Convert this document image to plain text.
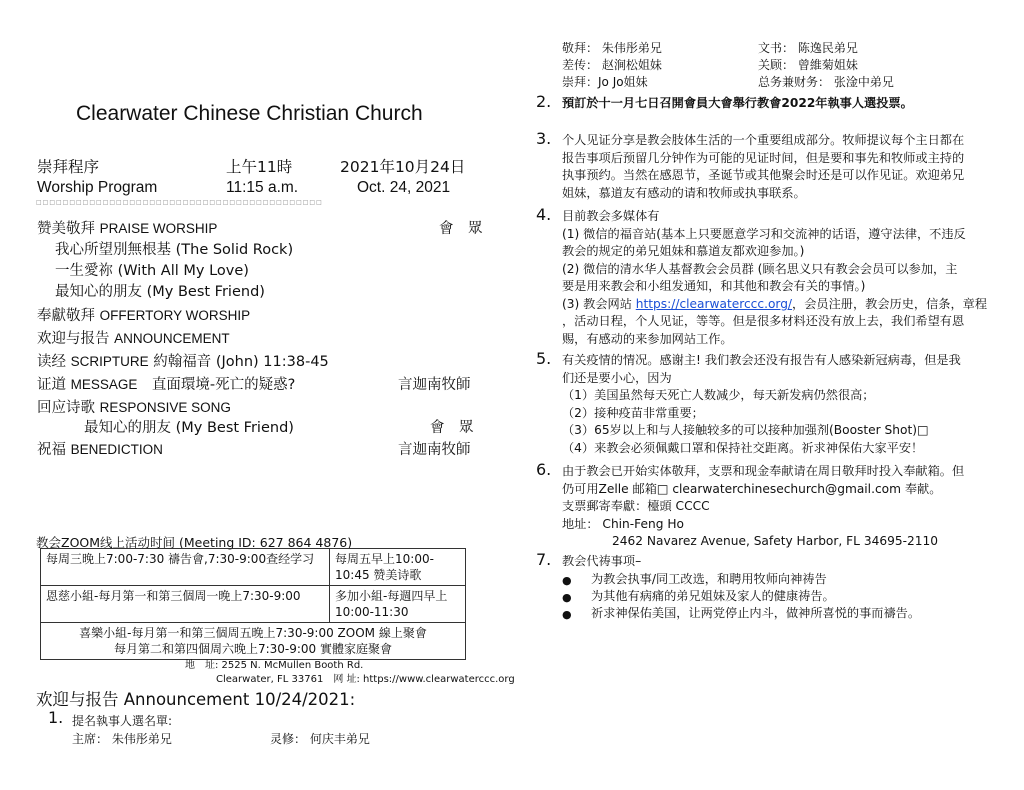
Clearwater Chinese Christian Church
崇拜程序	上午11時	2021年10月24日
Worship Program	11:15 a.m.	Oct. 24, 2021
□□□□□□□□□□□□□□□□□□□□□□□□□□□□□□□□□□□□□□□□□□□
赞美敬拜 PRAISE WORSHIP	會　眾
我心所望別無根基 (The Solid Rock)
一生愛祢 (With All My Love)
最知心的朋友 (My Best Friend)
奉獻敬拜 OFFERTORY WORSHIP
欢迎与报告 ANNOUNCEMENT
读经 SCRIPTURE 約翰福音 (John) 11:38-45
证道 MESSAGE　 直面環境-死亡的疑惑?	言迦南牧師
回应诗歌 RESPONSIVE SONG
最知心的朋友 (My Best Friend)	會　眾
祝福 BENEDICTION	言迦南牧師
教会ZOOM线上活动时间 (Meeting ID: 627 864 4876)
每周三晚上7:00-7:30 禱告會,7:30-9:00查经学习	每周五早上10:00-10:45 赞美诗歌
恩慈小組-每月第一和第三個周一晚上7:30-9:00	多加小組-每週四早上10:00-11:30

喜樂小組-每月第一和第三個周五晚上7:30-9:00 ZOOM 線上聚會
每月第二和第四個周六晚上7:30-9:00 實體家庭聚會	
地　址: 2525 N. McMullen Booth Rd.
Clearwater, FL 33761　网 址: https://www.clearwaterccc.org
欢迎与报告 Announcement 10/24/2021:
1. 提名執事人選名單:
主席： 朱伟彤弟兄	灵修： 何庆丰弟兄
敬拜： 朱伟彤弟兄	文书： 陈逸民弟兄
差传： 赵涧松姐妹	关顾： 曾維菊姐妹
崇拜：Jo Jo姐妹	总务兼财务： 张淦中弟兄
2. 預訂於十一月七日召開會員大會舉行教會2022年執事人選投票。
3. 个人见证分享是教会肢体生活的一个重要组成部分。牧师提议每个主日都在
报告事项后预留几分钟作为可能的见证时间，但是要和事先和牧师或主持的
执事预约。当然在感恩节，圣诞节或其他聚会时还是可以作见证。欢迎弟兄
姐妹，慕道友有感动的请和牧师或执事联系。
4. 目前教会多媒体有
(1) 微信的福音站(基本上只要愿意学习和交流神的话语，遵守法律，不违反
教会的规定的弟兄姐妹和慕道友都欢迎参加。)
(2) 微信的清水华人基督教会会员群 (顾名思义只有教会会员可以参加，主
要是用来教会和小组发通知，和其他和教会有关的事情。)
(3) 教会网站 https://clearwaterccc.org/，会员注册，教会历史，信条，章程
，活动日程，个人见证，等等。但是很多材料还没有放上去，我们希望有恩
赐，有感动的来参加网站工作。
5. 有关疫情的情况。感谢主! 我们教会还没有报告有人感染新冠病毒，但是我
们还是要小心，因为
（1）美国虽然每天死亡人数减少，每天新发病仍然很高；
（2）接种疫苗非常重要；
（3）65岁以上和与人接触较多的可以接种加强剂(Booster Shot)□
（4）来教会必须佩戴口罩和保持社交距离。祈求神保佑大家平安！
6. 由于教会已开始实体敬拜，支票和现金奉献请在周日敬拜时投入奉献箱。但
仍可用Zelle 邮箱□ clearwaterchinesechurch@gmail.com 奉献。
支票郵寄奉獻：檯頭 CCCC
地址： Chin-Feng Ho
2462 Navarez Avenue, Safety Harbor, FL 34695-2110
7. 教会代祷事项–
● 为教会执事/同工改选，和聘用牧师向神祷告
● 为其他有病痛的弟兄姐妹及家人的健康祷告。
● 祈求神保佑美国，让两党停止内斗，做神所喜悦的事而禱告。
